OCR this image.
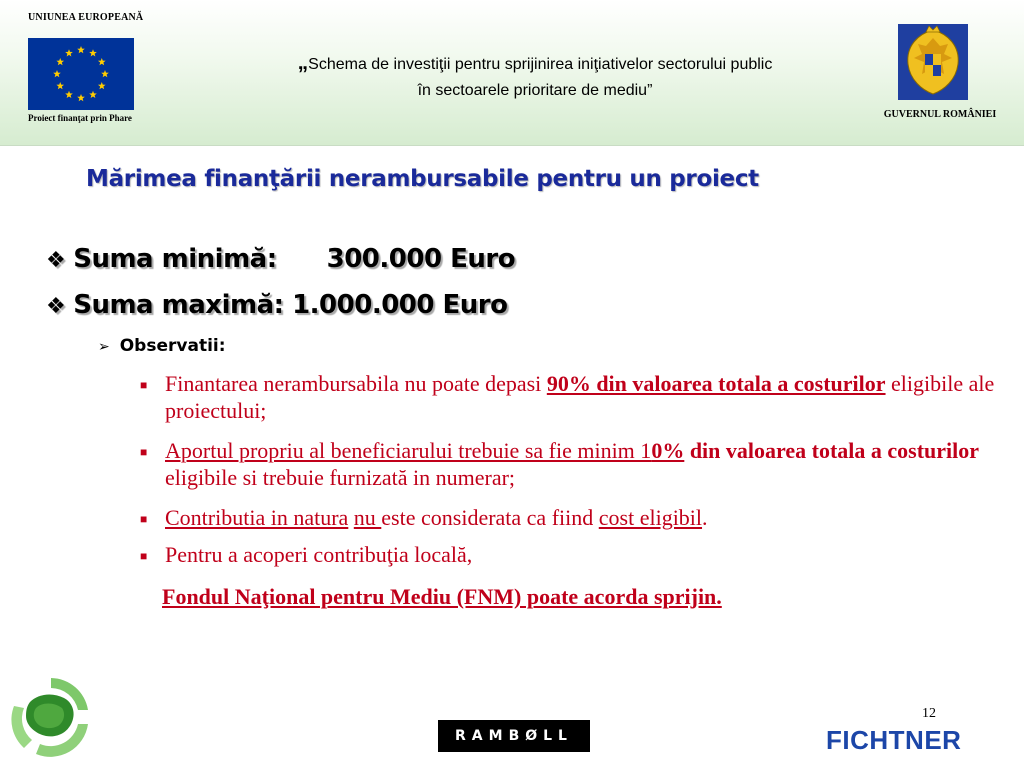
UNIUNEA EUROPEANĂ
Proiect finanţat prin Phare
„Schema de investiţii pentru sprijinirea iniţiativelor sectorului public
în sectoarele prioritare de mediu”
GUVERNUL ROMÂNIEI
Mărimea finanţării nerambursabile pentru un proiect
❖ Suma minimă: 300.000 Euro
❖ Suma maximă: 1.000.000 Euro
➢ Observatii:
■ Finantarea nerambursabila nu poate depasi 90% din valoarea totala a costurilor eligibile ale proiectului;
■ Aportul propriu al beneficiarului trebuie sa fie minim 10% din valoarea totala a costurilor eligibile si trebuie furnizată in numerar;
■ Contributia in natura nu este considerata ca fiind cost eligibil.
■ Pentru a acoperi contribuţia locală,
Fondul Naţional pentru Mediu (FNM) poate acorda sprijin.
12
RAMBØLL	FICHTNER
